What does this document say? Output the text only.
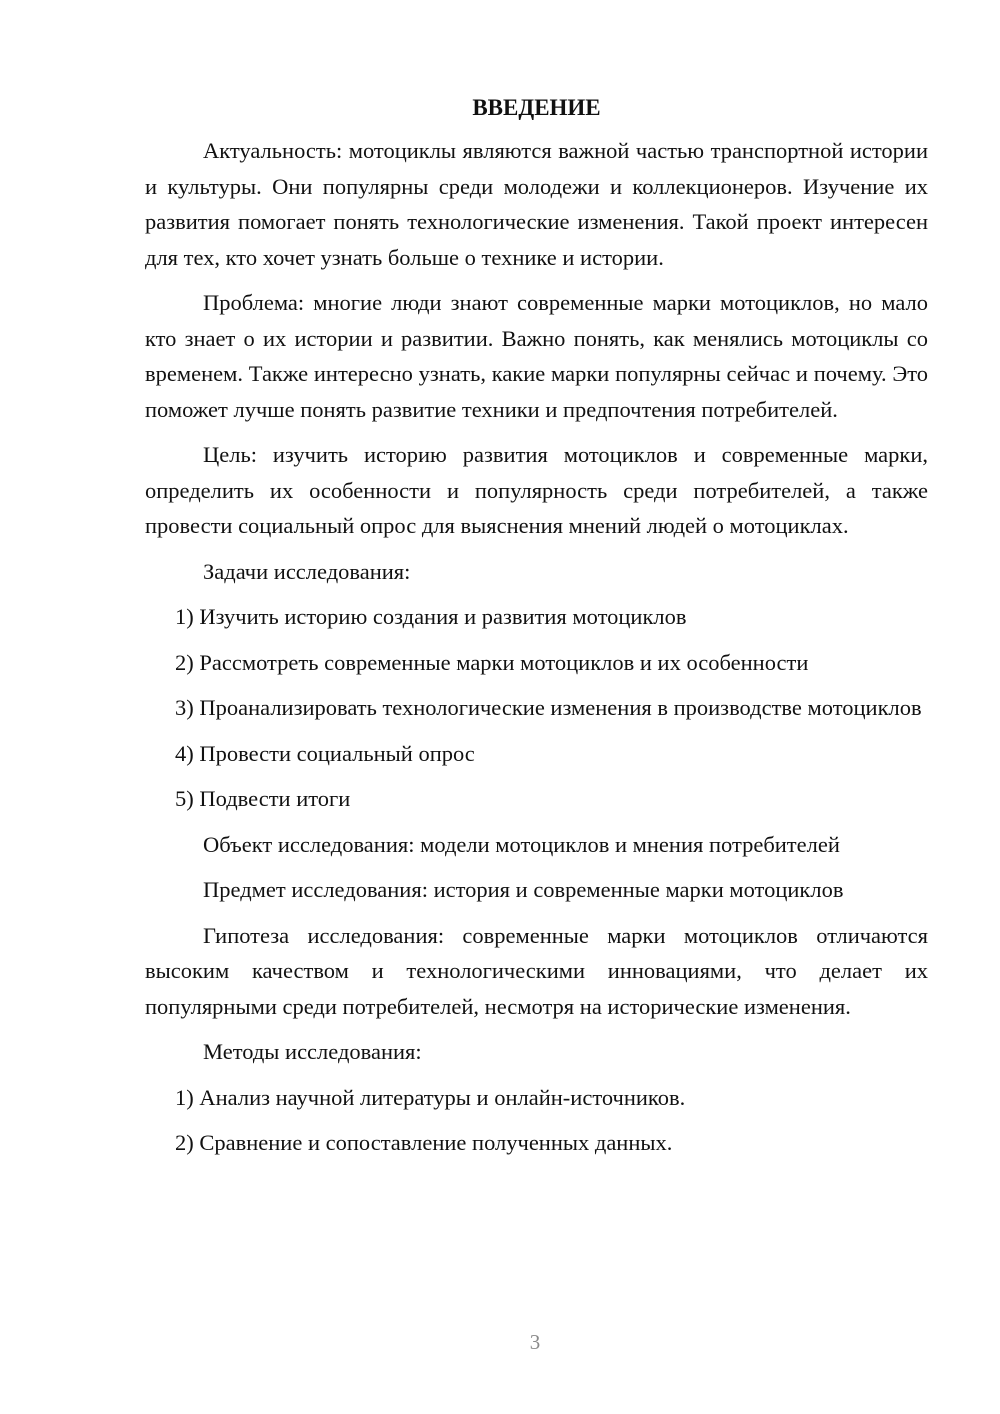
ВВЕДЕНИЕ

Актуальность: мотоциклы являются важной частью транспортной истории и культуры. Они популярны среди молодежи и коллекционеров. Изучение их развития помогает понять технологические изменения. Такой проект интересен для тех, кто хочет узнать больше о технике и истории.

Проблема: многие люди знают современные марки мотоциклов, но мало кто знает о их истории и развитии. Важно понять, как менялись мотоциклы со временем. Также интересно узнать, какие марки популярны сейчас и почему. Это поможет лучше понять развитие техники и предпочтения потребителей.

Цель: изучить историю развития мотоциклов и современные марки, определить их особенности и популярность среди потребителей, а также провести социальный опрос для выяснения мнений людей о мотоциклах.

Задачи исследования:

1) Изучить историю создания и развития мотоциклов

2) Рассмотреть современные марки мотоциклов и их особенности

3) Проанализировать технологические изменения в производстве мотоциклов

4) Провести социальный опрос

5) Подвести итоги

Объект исследования: модели мотоциклов и мнения потребителей

Предмет исследования: история и современные марки мотоциклов

Гипотеза исследования: современные марки мотоциклов отличаются высоким качеством и технологическими инновациями, что делает их популярными среди потребителей, несмотря на исторические изменения.

Методы исследования:

1) Анализ научной литературы и онлайн-источников.

2) Сравнение и сопоставление полученных данных.

3
